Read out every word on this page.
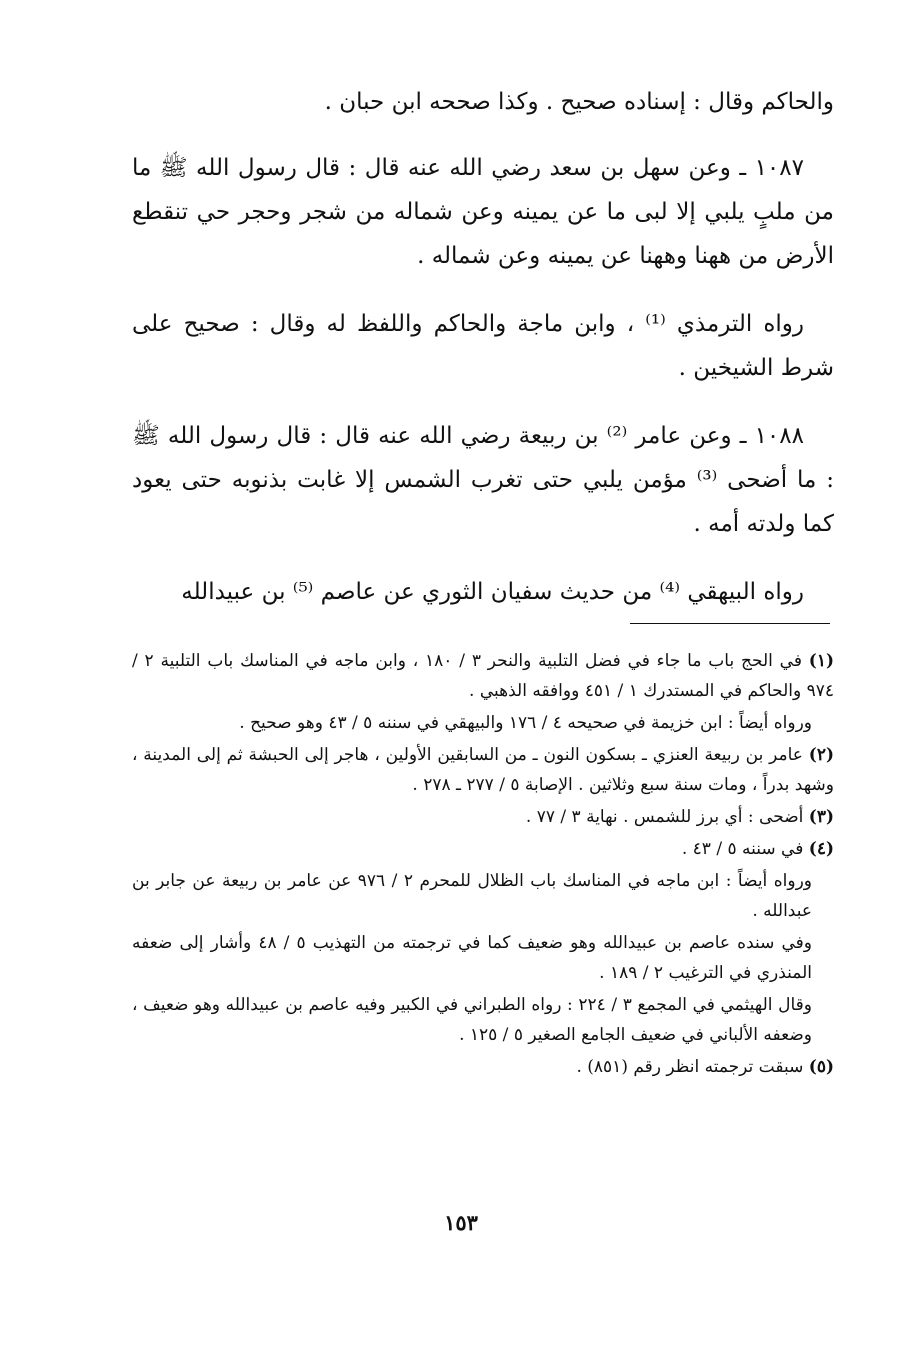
والحاكم وقال : إسناده صحيح . وكذا صححه ابن حبان .

١٠٨٧ ـ وعن سهل بن سعد رضي الله عنه قال : قال رسول الله ﷺ ما من ملبٍ يلبي إلا لبى ما عن يمينه وعن شماله من شجر وحجر حي تنقطع الأرض من ههنا وههنا عن يمينه وعن شماله .

رواه الترمذي ⁽¹⁾ ، وابن ماجة والحاكم واللفظ له وقال : صحيح على شرط الشيخين .

١٠٨٨ ـ وعن عامر ⁽²⁾ بن ربيعة رضي الله عنه قال : قال رسول الله ﷺ : ما أضحى ⁽³⁾ مؤمن يلبي حتى تغرب الشمس إلا غابت بذنوبه حتى يعود كما ولدته أمه .

رواه البيهقي ⁽⁴⁾ من حديث سفيان الثوري عن عاصم ⁽⁵⁾ بن عبيدالله

(١) في الحج باب ما جاء في فضل التلبية والنحر ٣ / ١٨٠ ، وابن ماجه في المناسك باب التلبية ٢ / ٩٧٤ والحاكم في المستدرك ١ / ٤٥١ ووافقه الذهبي .
ورواه أيضاً : ابن خزيمة في صحيحه ٤ / ١٧٦ والبيهقي في سننه ٥ / ٤٣ وهو صحيح .
(٢) عامر بن ربيعة العنزي ـ بسكون النون ـ من السابقين الأولين ، هاجر إلى الحبشة ثم إلى المدينة ، وشهد بدراً ، ومات سنة سبع وثلاثين . الإصابة ٥ / ٢٧٧ ـ ٢٧٨ .
(٣) أضحى : أي برز للشمس . نهاية ٣ / ٧٧ .
(٤) في سننه ٥ / ٤٣ .
ورواه أيضاً : ابن ماجه في المناسك باب الظلال للمحرم ٢ / ٩٧٦ عن عامر بن ربيعة عن جابر بن عبدالله .
وفي سنده عاصم بن عبيدالله وهو ضعيف كما في ترجمته من التهذيب ٥ / ٤٨ وأشار إلى ضعفه المنذري في الترغيب ٢ / ١٨٩ .
وقال الهيثمي في المجمع ٣ / ٢٢٤ : رواه الطبراني في الكبير وفيه عاصم بن عبيدالله وهو ضعيف ، وضعفه الألباني في ضعيف الجامع الصغير ٥ / ١٢٥ .
(٥) سبقت ترجمته انظر رقم (٨٥١) .
١٥٣
